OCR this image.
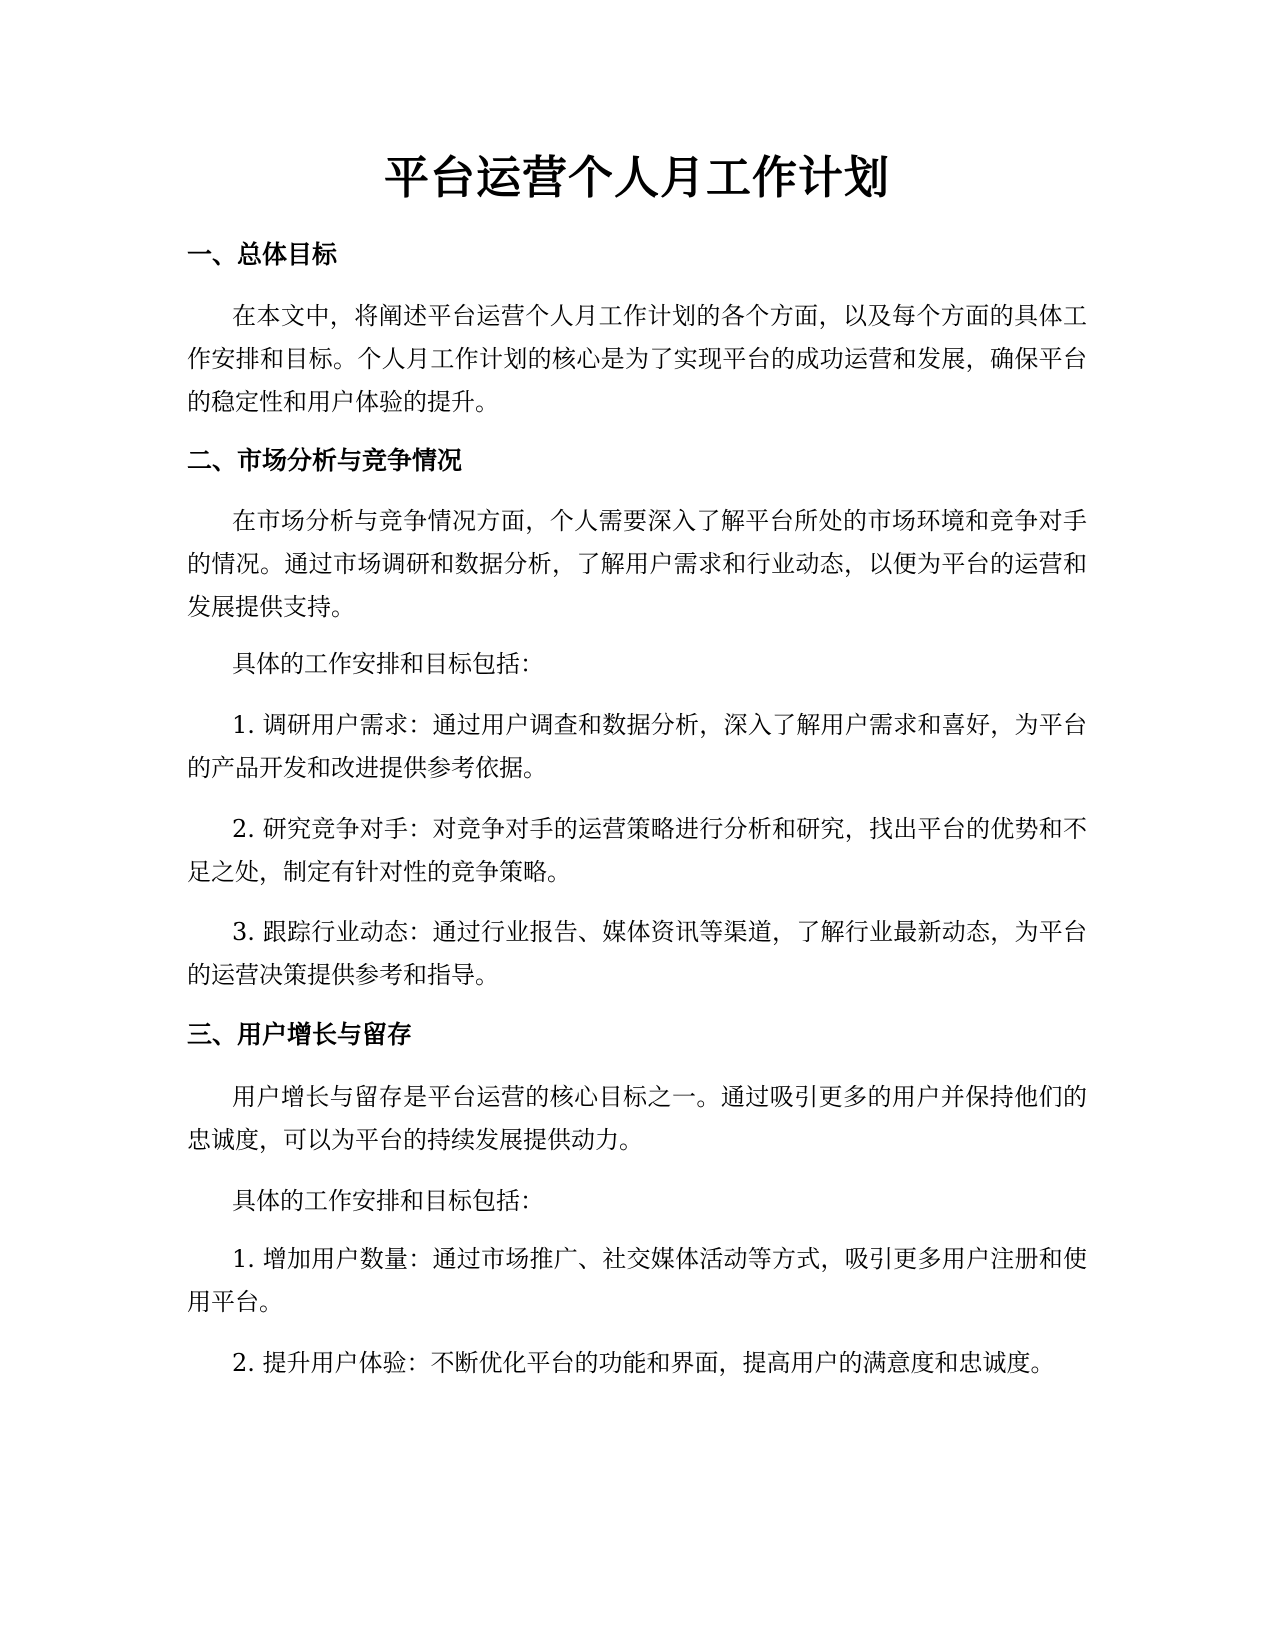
平台运营个人月工作计划
一、总体目标

在本文中，将阐述平台运营个人月工作计划的各个方面，以及每个方面的具体工作安排和目标。个人月工作计划的核心是为了实现平台的成功运营和发展，确保平台的稳定性和用户体验的提升。

二、市场分析与竞争情况

在市场分析与竞争情况方面，个人需要深入了解平台所处的市场环境和竞争对手的情况。通过市场调研和数据分析，了解用户需求和行业动态，以便为平台的运营和发展提供支持。

具体的工作安排和目标包括：

1. 调研用户需求：通过用户调查和数据分析，深入了解用户需求和喜好，为平台的产品开发和改进提供参考依据。

2. 研究竞争对手：对竞争对手的运营策略进行分析和研究，找出平台的优势和不足之处，制定有针对性的竞争策略。

3. 跟踪行业动态：通过行业报告、媒体资讯等渠道，了解行业最新动态，为平台的运营决策提供参考和指导。

三、用户增长与留存

用户增长与留存是平台运营的核心目标之一。通过吸引更多的用户并保持他们的忠诚度，可以为平台的持续发展提供动力。

具体的工作安排和目标包括：

1. 增加用户数量：通过市场推广、社交媒体活动等方式，吸引更多用户注册和使用平台。

2. 提升用户体验：不断优化平台的功能和界面，提高用户的满意度和忠诚度。
